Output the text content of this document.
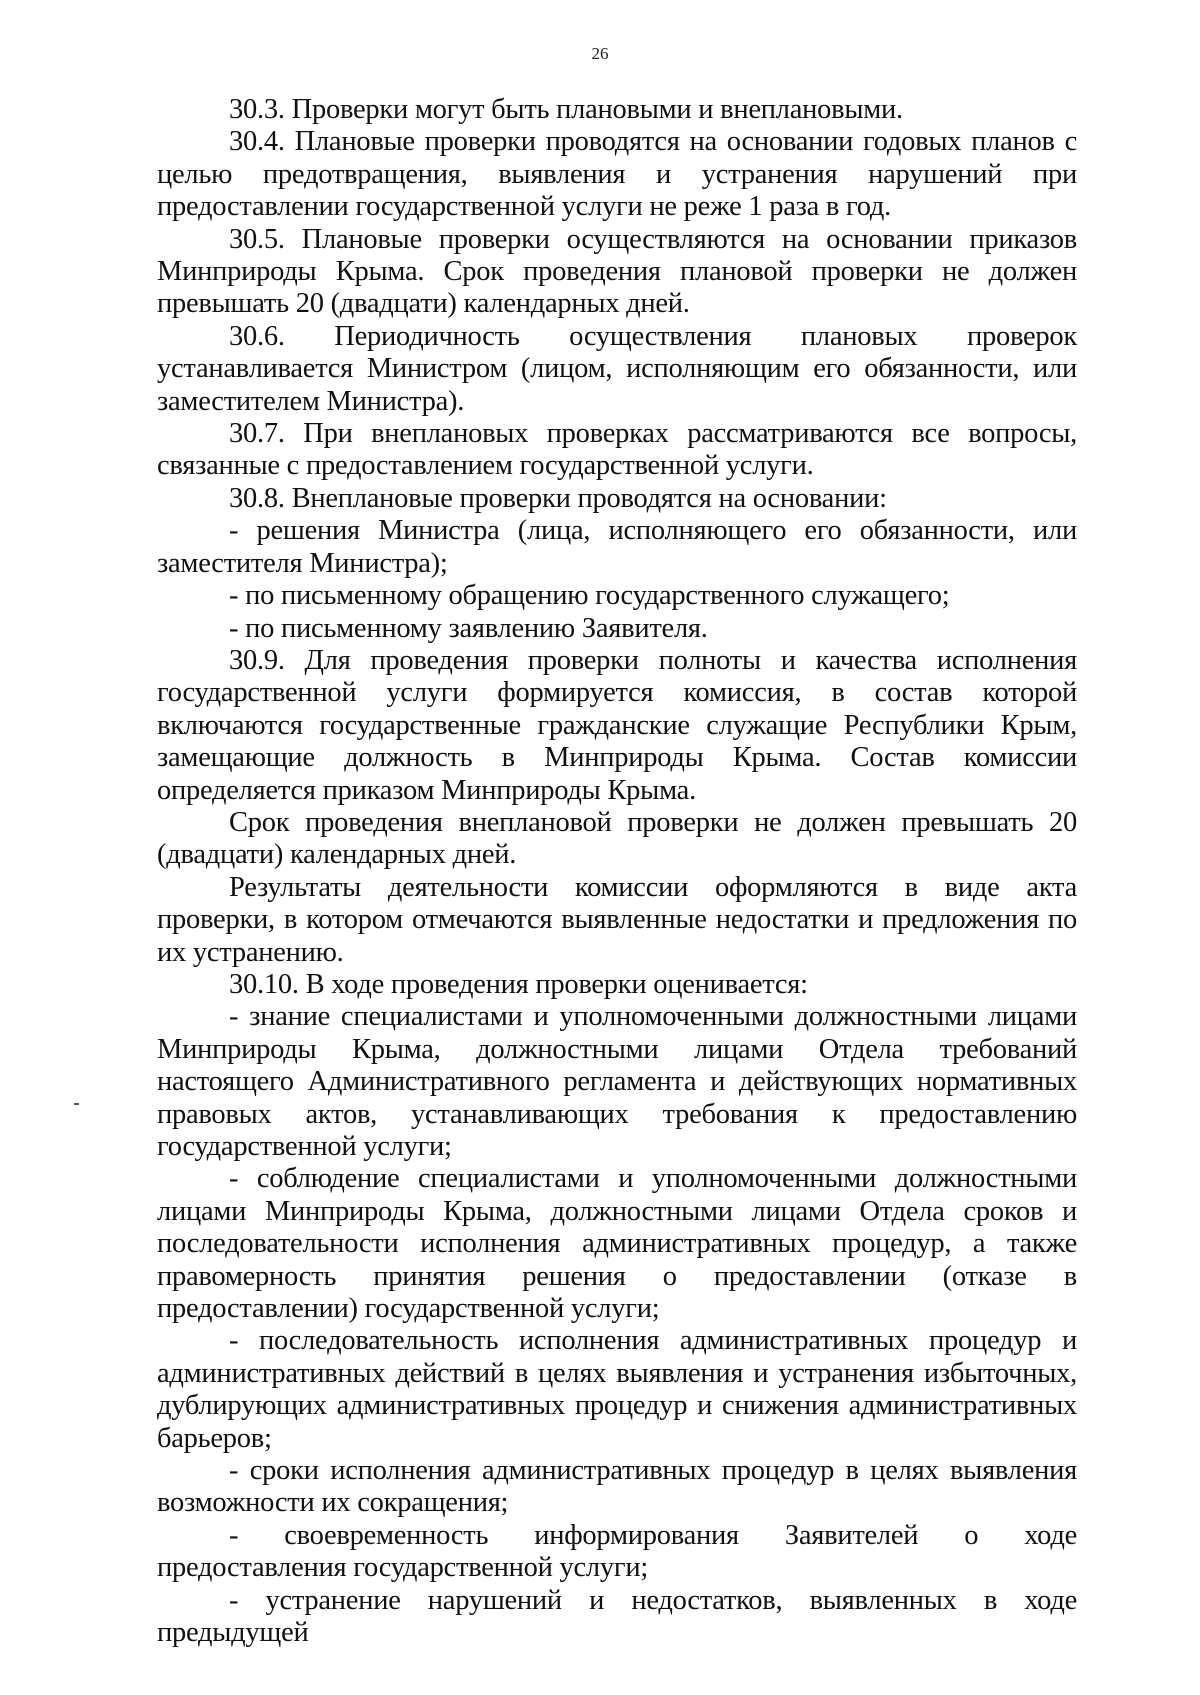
26

30.3. Проверки могут быть плановыми и внеплановыми.

30.4. Плановые проверки проводятся на основании годовых планов с целью предотвращения, выявления и устранения нарушений при предоставлении государственной услуги не реже 1 раза в год.

30.5. Плановые проверки осуществляются на основании приказов Минприроды Крыма. Срок проведения плановой проверки не должен превышать 20 (двадцати) календарных дней.

30.6. Периодичность осуществления плановых проверок устанавливается Министром (лицом, исполняющим его обязанности, или заместителем Министра).

30.7. При внеплановых проверках рассматриваются все вопросы, связанные с предоставлением государственной услуги.

30.8. Внеплановые проверки проводятся на основании:

- решения Министра (лица, исполняющего его обязанности, или заместителя Министра);

- по письменному обращению государственного служащего;

- по письменному заявлению Заявителя.

30.9. Для проведения проверки полноты и качества исполнения государственной услуги формируется комиссия, в состав которой включаются государственные гражданские служащие Республики Крым, замещающие должность в Минприроды Крыма. Состав комиссии определяется приказом Минприроды Крыма.

Срок проведения внеплановой проверки не должен превышать 20 (двадцати) календарных дней.

Результаты деятельности комиссии оформляются в виде акта проверки, в котором отмечаются выявленные недостатки и предложения по их устранению.

30.10. В ходе проведения проверки оценивается:

- знание специалистами и уполномоченными должностными лицами Минприроды Крыма, должностными лицами Отдела требований настоящего Административного регламента и действующих нормативных правовых актов, устанавливающих требования к предоставлению государственной услуги;

- соблюдение специалистами и уполномоченными должностными лицами Минприроды Крыма, должностными лицами Отдела сроков и последовательности исполнения административных процедур, а также правомерность принятия решения о предоставлении (отказе в предоставлении) государственной услуги;

- последовательность исполнения административных процедур и административных действий в целях выявления и устранения избыточных, дублирующих административных процедур и снижения административных барьеров;

- сроки исполнения административных процедур в целях выявления возможности их сокращения;

- своевременность информирования Заявителей о ходе предоставления государственной услуги;

- устранение нарушений и недостатков, выявленных в ходе предыдущей
